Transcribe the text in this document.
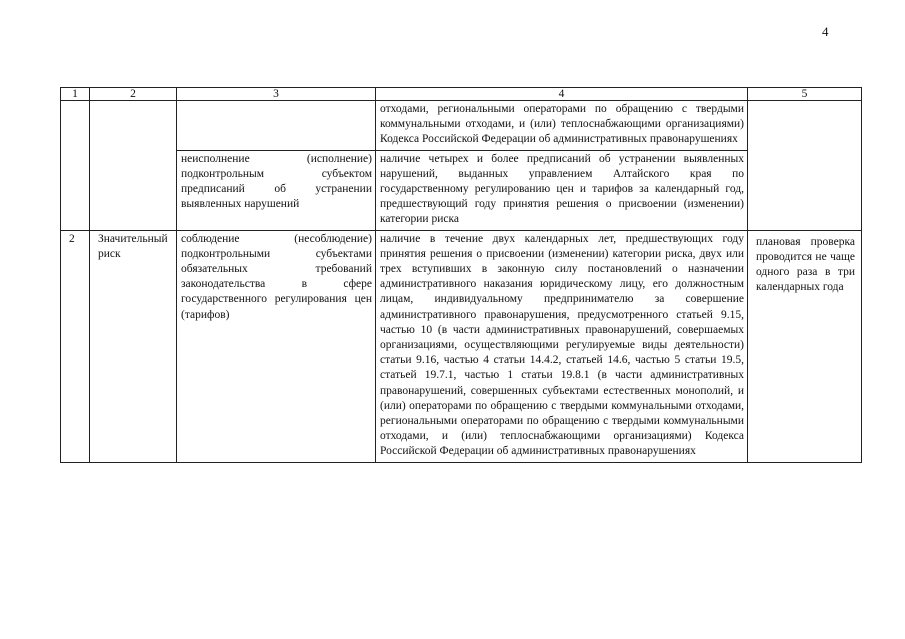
4
1	2	3	4	5
			отходами, региональными операторами по обращению с твердыми коммунальными отходами, и (или) теплоснабжающими организациями) Кодекса Российской Федерации об административных правонарушениях	
		неисполнение (исполнение) подконтрольным субъектом предписаний об устранении выявленных нарушений	наличие четырех и более предписаний об устранении выявленных нарушений, выданных управлением Алтайского края по государственному регулированию цен и тарифов за календарный год, предшествующий году принятия решения о присвоении (изменении) категории риска	
2	Значительный риск	соблюдение (несоблюдение) подконтрольными субъектами обязательных требований законодательства в сфере государственного регулирования цен (тарифов)	наличие в течение двух календарных лет, предшествующих году принятия решения о присвоении (изменении) категории риска, двух или трех вступивших в законную силу постановлений о назначении административного наказания юридическому лицу, его должностным лицам, индивидуальному предпринимателю за совершение административного правонарушения, предусмотренного статьей 9.15, частью 10 (в части административных правонарушений, совершаемых организациями, осуществляющими регулируемые виды деятельности) статьи 9.16, частью 4 статьи 14.4.2, статьей 14.6, частью 5 статьи 19.5, статьей 19.7.1, частью 1 статьи 19.8.1 (в части административных правонарушений, совершенных субъектами естественных монополий, и (или) операторами по обращению с твердыми коммунальными отходами, региональными операторами по обращению с твердыми коммунальными отходами, и (или) теплоснабжающими организациями) Кодекса Российской Федерации об административных правонарушениях	плановая проверка проводится не чаще одного раза в три календарных года
